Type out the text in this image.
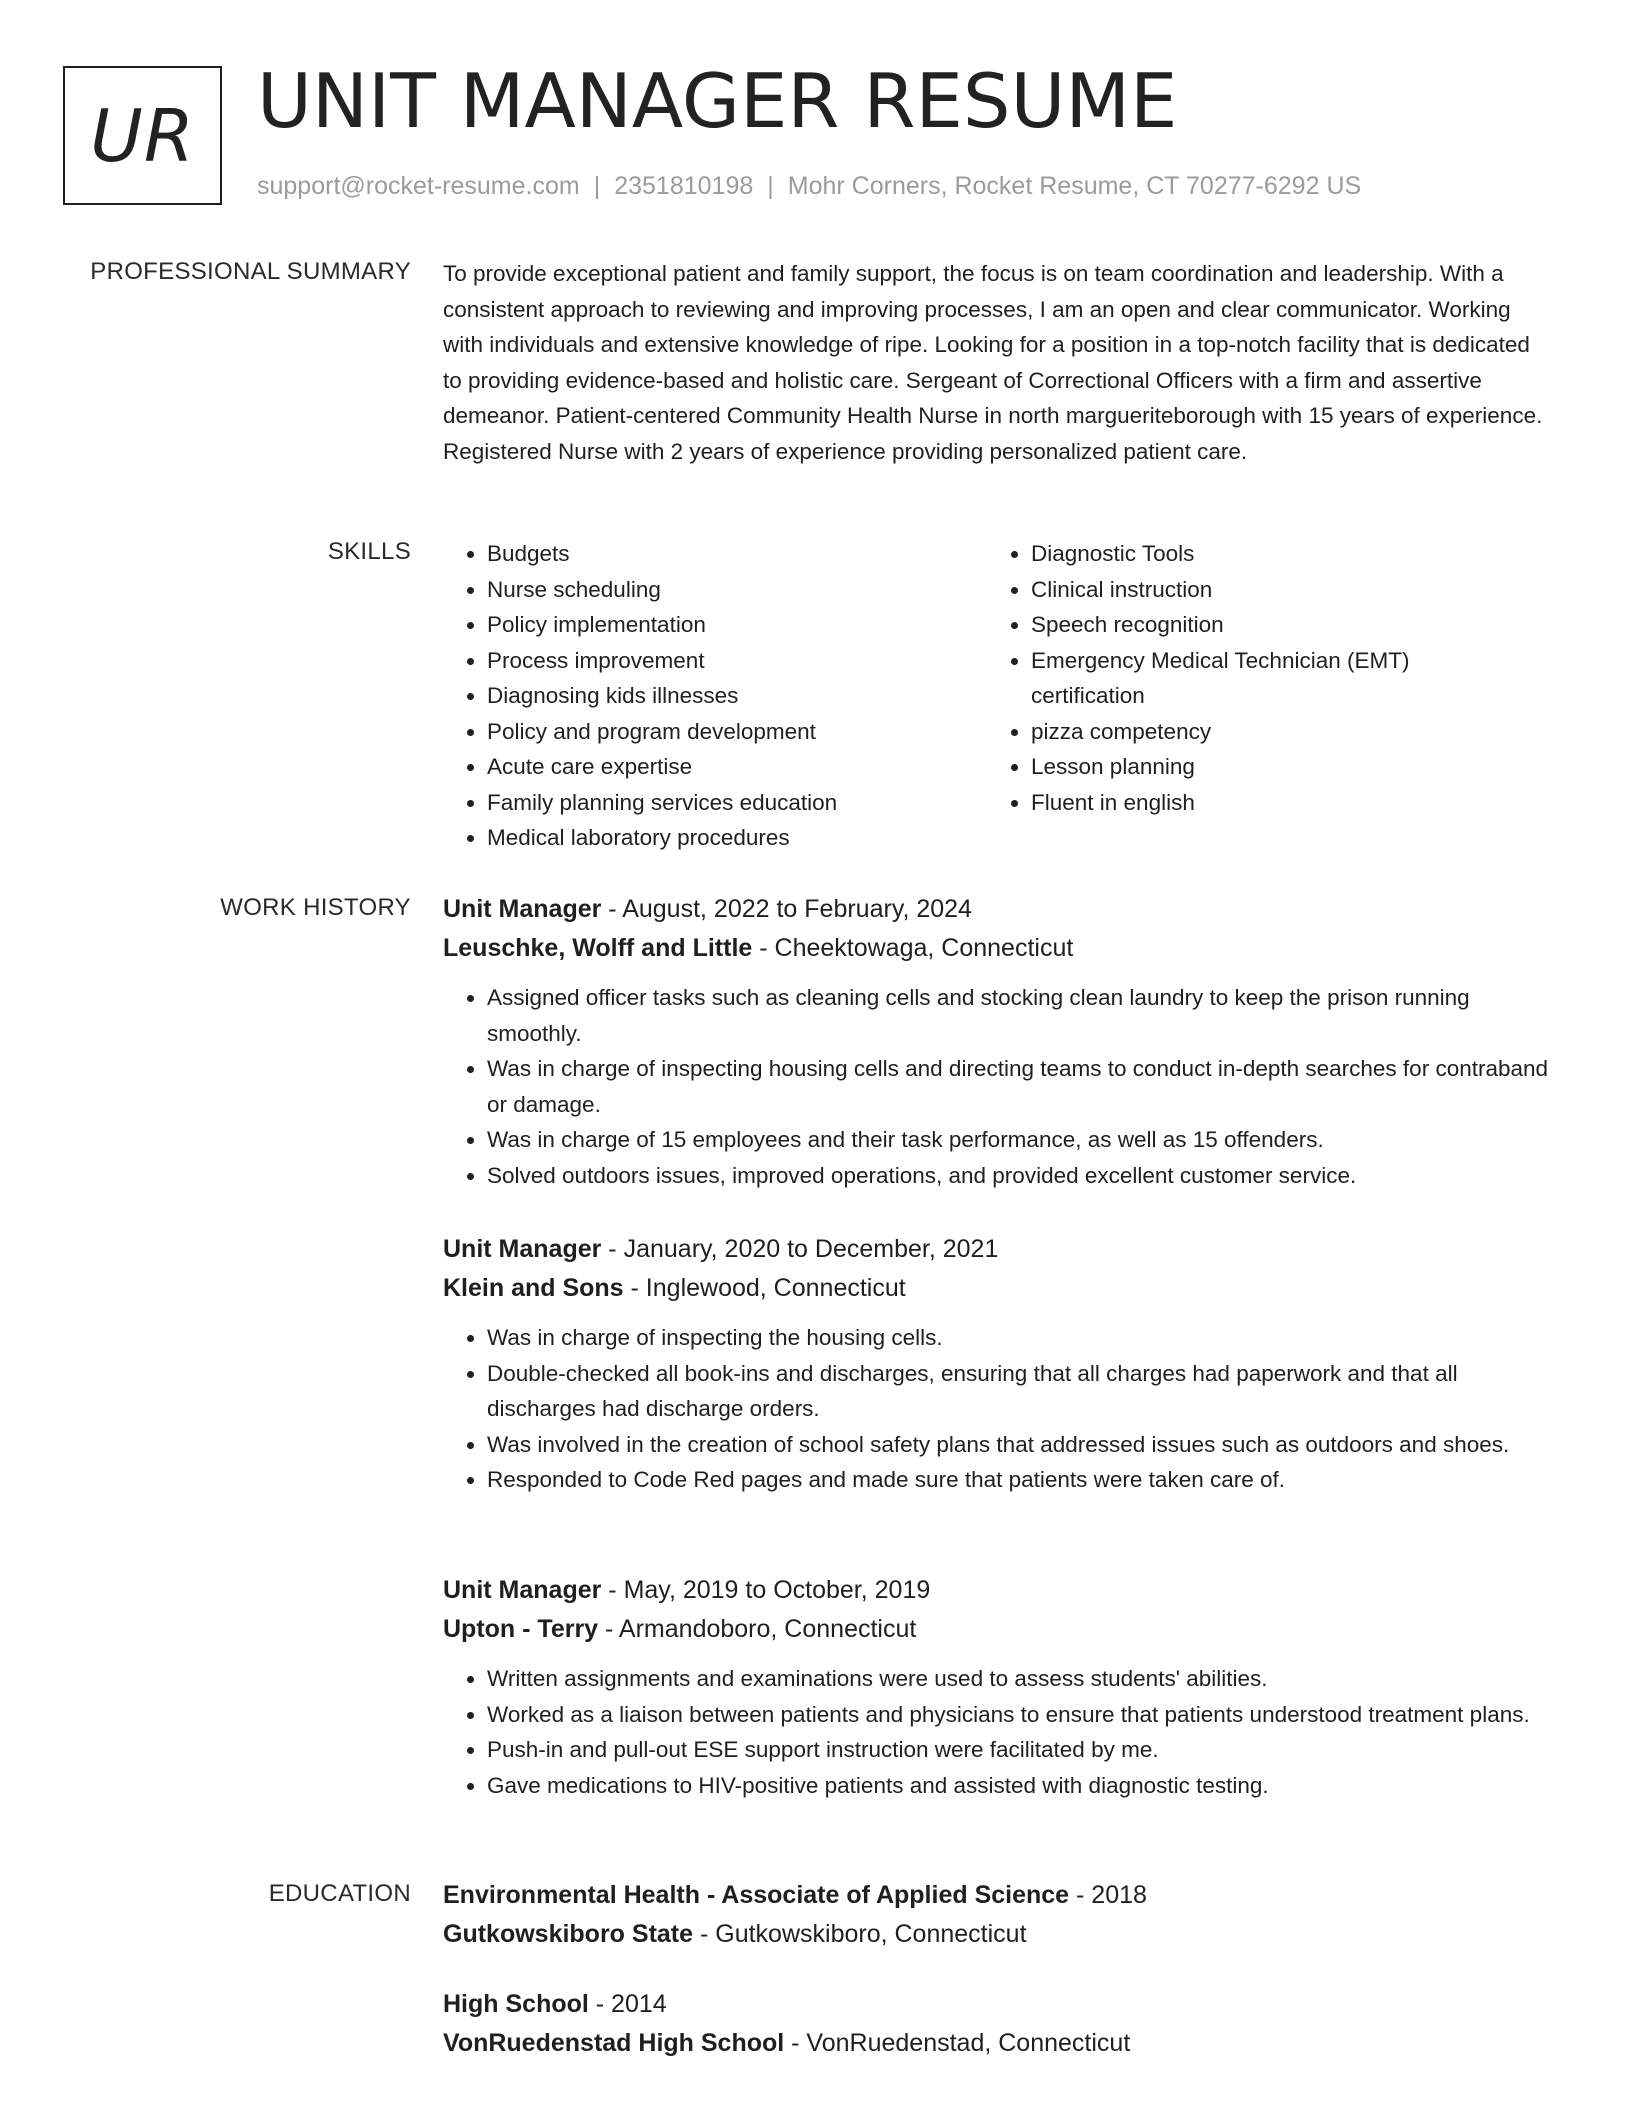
UR UNIT MANAGER RESUME
support@rocket-resume.com | 2351810198 | Mohr Corners, Rocket Resume, CT 70277-6292 US
PROFESSIONAL SUMMARY To provide exceptional patient and family support, the focus is on team coordination and leadership. With a consistent approach to reviewing and improving processes, I am an open and clear communicator. Working with individuals and extensive knowledge of ripe. Looking for a position in a top-notch facility that is dedicated to providing evidence-based and holistic care. Sergeant of Correctional Officers with a firm and assertive demeanor. Patient-centered Community Health Nurse in north margueriteborough with 15 years of experience. Registered Nurse with 2 years of experience providing personalized patient care.

SKILLS
•	Budgets
• Nurse scheduling
• Policy implementation
• Process improvement
• Diagnosing kids illnesses
• Policy and program development
• Acute care expertise
• Family planning services education
• Medical laboratory procedures
• Diagnostic Tools
• Clinical instruction
• Speech recognition
• Emergency Medical Technician (EMT) certification
• pizza competency
• Lesson planning
• Fluent in english
WORK HISTORY Unit Manager - August, 2022 to February, 2024
Leuschke, Wolff and Little - Cheektowaga, Connecticut
• Assigned officer tasks such as cleaning cells and stocking clean laundry to keep the prison running smoothly.
• Was in charge of inspecting housing cells and directing teams to conduct in-depth searches for contraband or damage.
• Was in charge of 15 employees and their task performance, as well as 15 offenders.
• Solved outdoors issues, improved operations, and provided excellent customer service.
Unit Manager - January, 2020 to December, 2021
Klein and Sons - Inglewood, Connecticut
• Was in charge of inspecting the housing cells.
• Double-checked all book-ins and discharges, ensuring that all charges had paperwork and that all discharges had discharge orders.
• Was involved in the creation of school safety plans that addressed issues such as outdoors and shoes.
• Responded to Code Red pages and made sure that patients were taken care of.
Unit Manager - May, 2019 to October, 2019
Upton - Terry - Armandoboro, Connecticut
• Written assignments and examinations were used to assess students' abilities.
• Worked as a liaison between patients and physicians to ensure that patients understood treatment plans.
• Push-in and pull-out ESE support instruction were facilitated by me.
• Gave medications to HIV-positive patients and assisted with diagnostic testing.
EDUCATION Environmental Health - Associate of Applied Science - 2018
Gutkowskiboro State - Gutkowskiboro, Connecticut
High School - 2014
VonRuedenstad High School - VonRuedenstad, Connecticut
